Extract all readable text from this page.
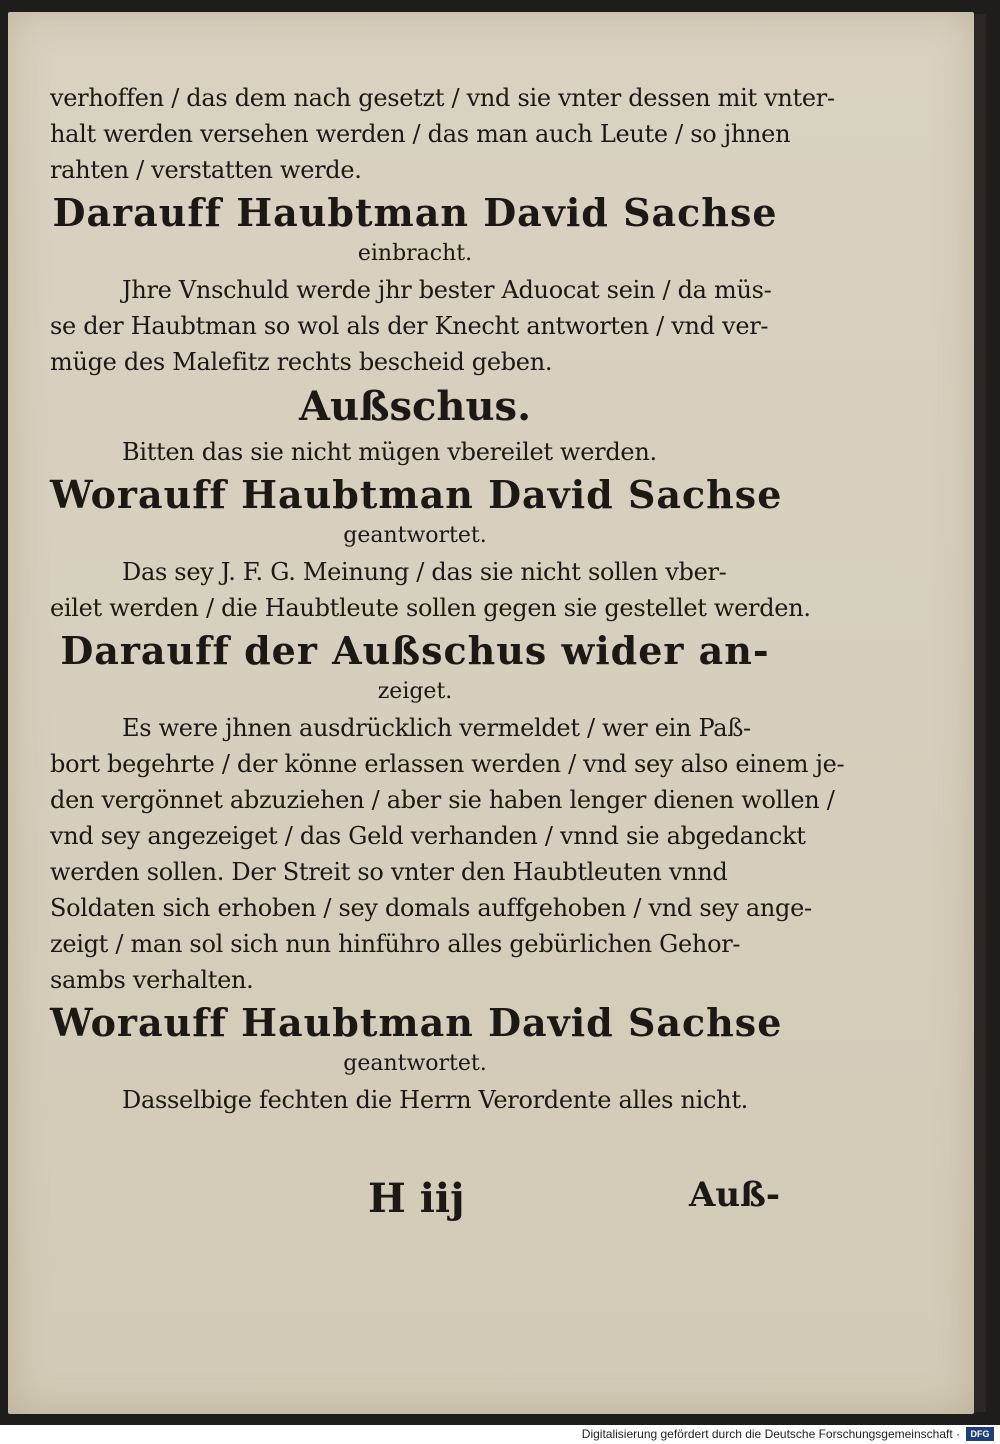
verhoffen / das dem nach gesetzt / vnd sie vnter dessen mit vnter-

halt werden versehen werden / das man auch Leute / so jhnen

rahten / verstatten werde.

Darauff Haubtman David Sachse

einbracht.

Jhre Vnschuld werde jhr bester Aduocat sein / da müs-

se der Haubtman so wol als der Knecht antworten / vnd ver-

müge des Malefitz rechts bescheid geben.

Außschus.

Bitten das sie nicht mügen vbereilet werden.

Worauff Haubtman David Sachse

geantwortet.

Das sey J. F. G. Meinung / das sie nicht sollen vber-

eilet werden / die Haubtleute sollen gegen sie gestellet werden.

Darauff der Außschus wider an-

zeiget.

Es were jhnen ausdrücklich vermeldet / wer ein Paß-

bort begehrte / der könne erlassen werden / vnd sey also einem je-

den vergönnet abzuziehen / aber sie haben lenger dienen wollen /

vnd sey angezeiget / das Geld verhanden / vnnd sie abgedanckt

werden sollen. Der Streit so vnter den Haubtleuten vnnd

Soldaten sich erhoben / sey domals auffgehoben / vnd sey ange-

zeigt / man sol sich nun hinführo alles gebürlichen Gehor-

sambs verhalten.

Worauff Haubtman David Sachse

geantwortet.

Dasselbige fechten die Herrn Verordente alles nicht.

H iij	Auß-
Digitalisierung gefördert durch die Deutsche Forschungsgemeinschaft ·	DFG
